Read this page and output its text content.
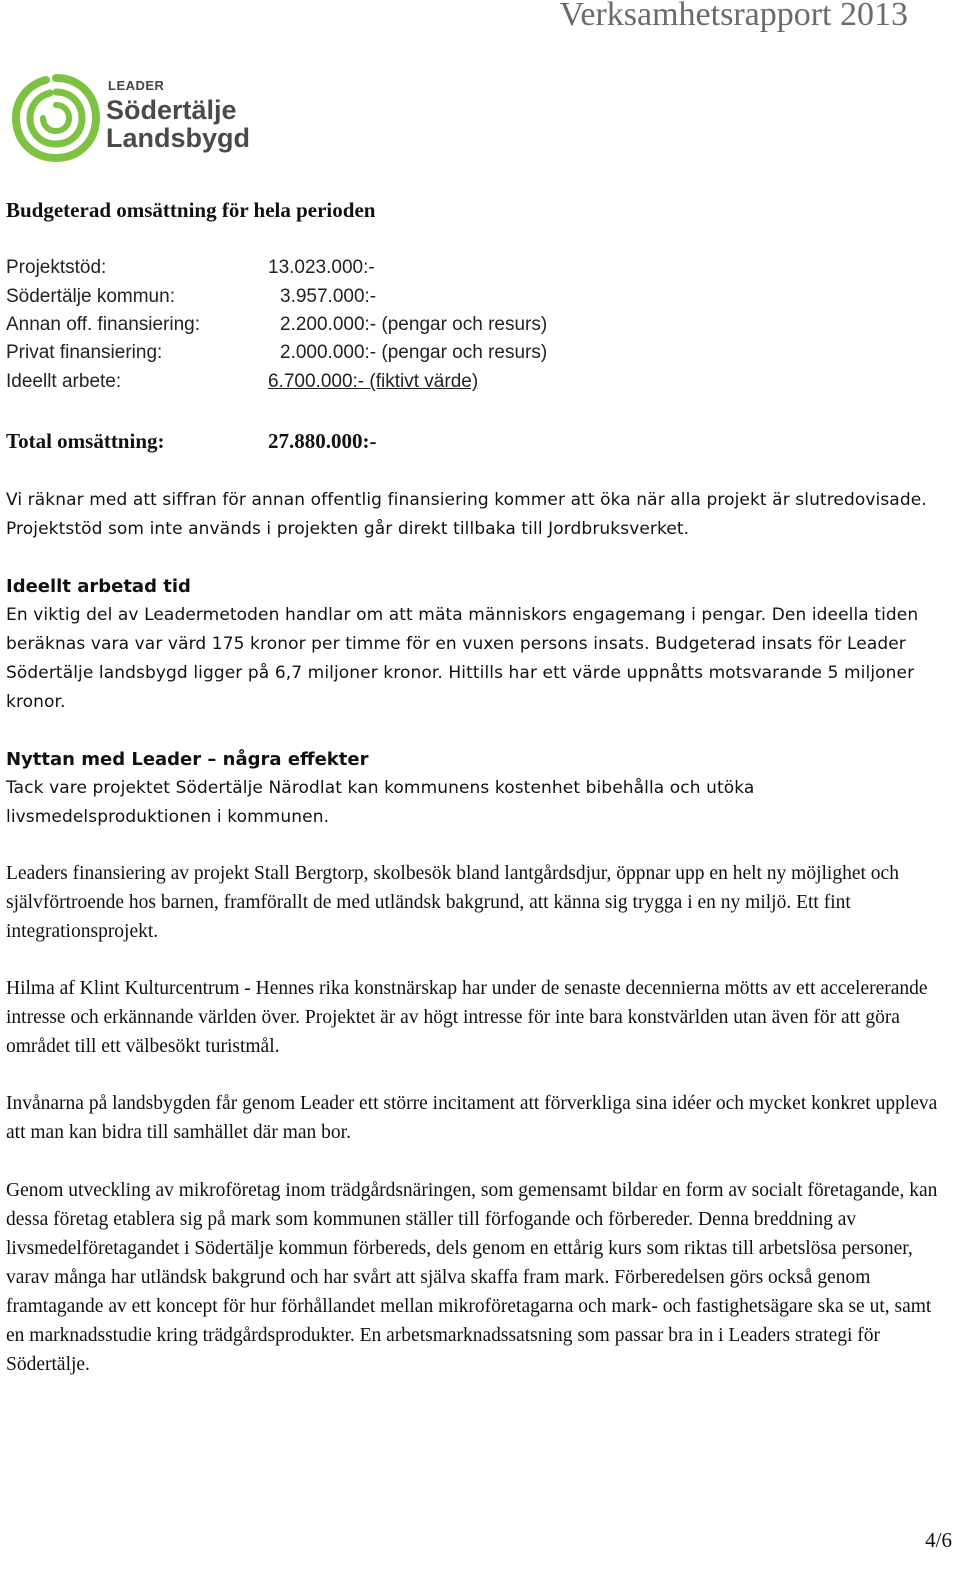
Verksamhetsrapport 2013
LEADER
Södertälje
Landsbygd
Budgeterad omsättning för hela perioden
Projektstöd:	13.023.000:-
Södertälje kommun:	3.957.000:-
Annan off. finansiering:	2.200.000:- (pengar och resurs)
Privat finansiering:	2.000.000:- (pengar och resurs)
Ideellt arbete:	6.700.000:- (fiktivt värde)
Total omsättning:	27.880.000:-
Vi räknar med att siffran för annan offentlig finansiering kommer att öka när alla projekt är slutredovisade. Projektstöd som inte används i projekten går direkt tillbaka till Jordbruksverket.
Ideellt arbetad tid
En viktig del av Leadermetoden handlar om att mäta människors engagemang i pengar. Den ideella tiden beräknas vara var värd 175 kronor per timme för en vuxen persons insats. Budgeterad insats för Leader Södertälje landsbygd ligger på 6,7 miljoner kronor. Hittills har ett värde uppnåtts motsvarande 5 miljoner kronor.
Nyttan med Leader – några effekter
Tack vare projektet Södertälje Närodlat kan kommunens kostenhet bibehålla och utöka livsmedelsproduktionen i kommunen.
Leaders finansiering av projekt Stall Bergtorp, skolbesök bland lantgårdsdjur, öppnar upp en helt ny möjlighet och självförtroende hos barnen, framförallt de med utländsk bakgrund, att känna sig trygga i en ny miljö. Ett fint integrationsprojekt.
Hilma af Klint Kulturcentrum - Hennes rika konstnärskap har under de senaste decennierna mötts av ett accelererande intresse och erkännande världen över. Projektet är av högt intresse för inte bara konstvärlden utan även för att göra området till ett välbesökt turistmål.
Invånarna på landsbygden får genom Leader ett större incitament att förverkliga sina idéer och mycket konkret uppleva att man kan bidra till samhället där man bor.
Genom utveckling av mikroföretag inom trädgårdsnäringen, som gemensamt bildar en form av socialt företagande, kan dessa företag etablera sig på mark som kommunen ställer till förfogande och förbereder. Denna breddning av livsmedelföretagandet i Södertälje kommun förbereds, dels genom en ettårig kurs som riktas till arbetslösa personer, varav många har utländsk bakgrund och har svårt att själva skaffa fram mark. Förberedelsen görs också genom framtagande av ett koncept för hur förhållandet mellan mikroföretagarna och mark- och fastighetsägare ska se ut, samt en marknadsstudie kring trädgårdsprodukter. En arbetsmarknadssatsning som passar bra in i Leaders strategi för Södertälje.
4/6
